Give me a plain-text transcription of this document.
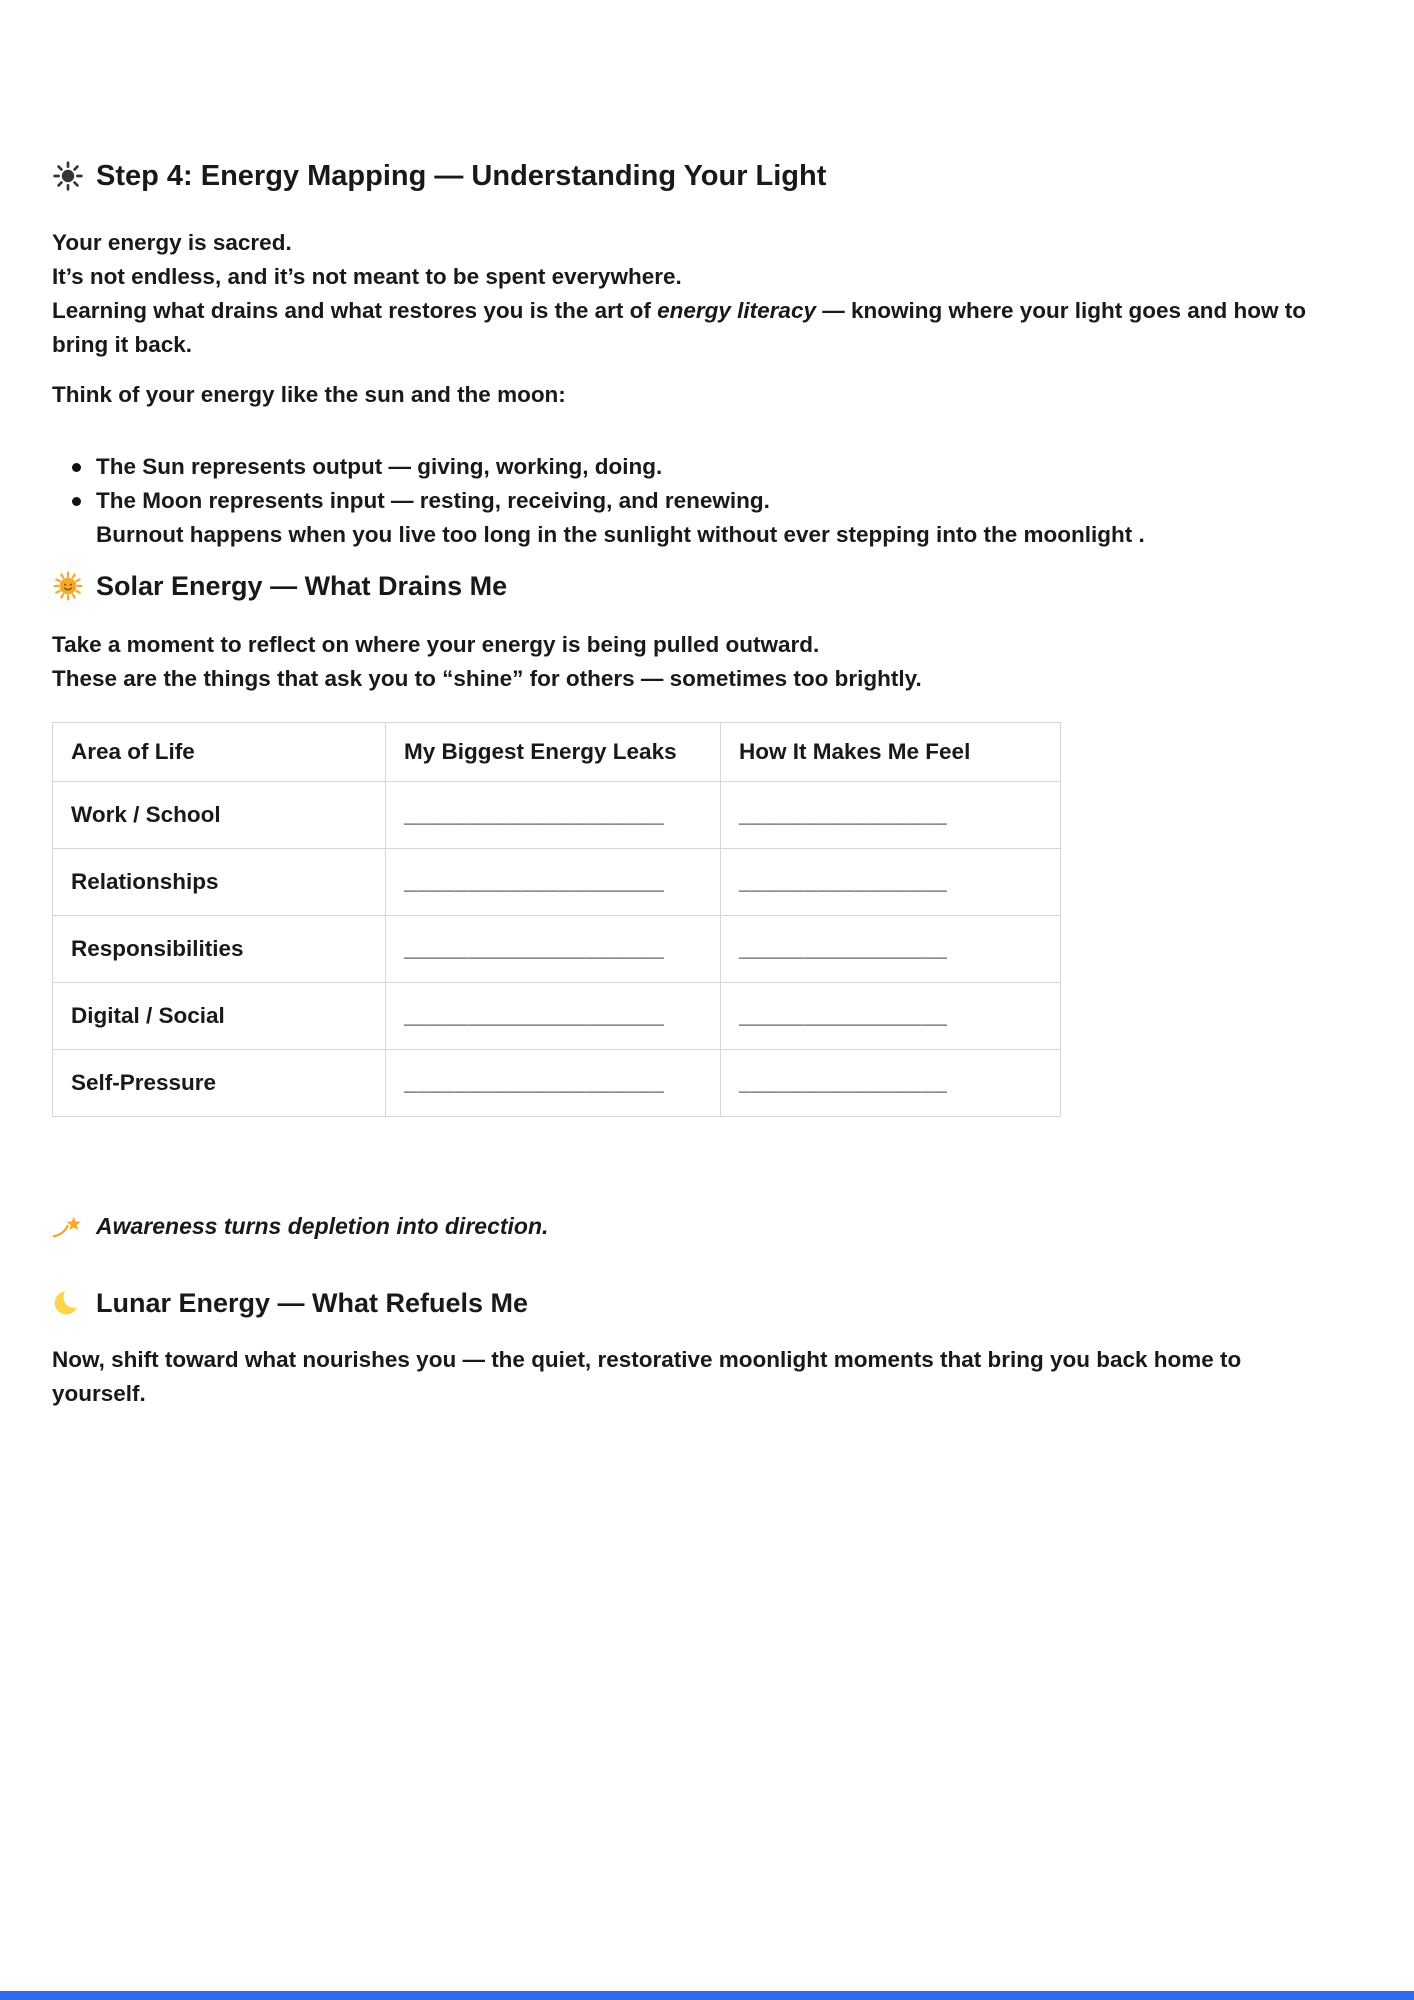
Step 4: Energy Mapping — Understanding Your Light

Your energy is sacred.
It’s not endless, and it’s not meant to be spent everywhere.
Learning what drains and what restores you is the art of energy literacy — knowing where your light goes and how to bring it back.

Think of your energy like the sun and the moon:

The Sun represents output — giving, working, doing.
The Moon represents input — resting, receiving, and renewing.
Burnout happens when you live too long in the sunlight without ever stepping into the moonlight .
Solar Energy — What Drains Me

Take a moment to reflect on where your energy is being pulled outward.
These are the things that ask you to “shine” for others — sometimes too brightly.

Area of Life	My Biggest Energy Leaks	How It Makes Me Feel
Work / School	____________________	________________
Relationships	____________________	________________
Responsibilities	____________________	________________
Digital / Social	____________________	________________
Self-Pressure	____________________	________________
Awareness turns depletion into direction.
Lunar Energy — What Refuels Me

Now, shift toward what nourishes you — the quiet, restorative moonlight moments that bring you back home to yourself.
